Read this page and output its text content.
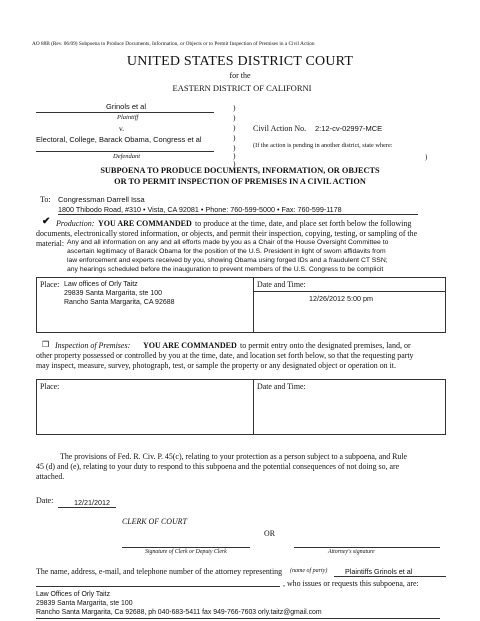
AO 88B (Rev. 06/09) Subpoena to Produce Documents, Information, or Objects or to Permit Inspection of Premises in a Civil Action
UNITED STATES DISTRICT COURT
for the
EASTERN DISTRICT OF CALIFORNI
Grinols et al
Plaintiff
v.
Electoral, College, Barack Obama, Congress et al
Defendant
)
)
)
)
)
)
)
Civil Action No. 2:12-cv-02997-MCE
(If the action is pending in another district, state where:
)
SUBPOENA TO PRODUCE DOCUMENTS, INFORMATION, OR OBJECTS
OR TO PERMIT INSPECTION OF PREMISES IN A CIVIL ACTION
To: Congressman Darrell Issa
1800 Thibodo Road, #310 • Vista, CA 92081 • Phone: 760-599-5000 • Fax: 760-599-1178
✔ Production: YOU ARE COMMANDED to produce at the time, date, and place set forth below the following
documents, electronically stored information, or objects, and permit their inspection, copying, testing, or sampling of the
material: Any and all information on any and all efforts made by you as a Chair of the House Oversight Committee to
ascertain legitimacy of Barack Obama for the position of the U.S. President in light of sworn affidavits from
law enforcement and experts received by you, showing Obama using forged IDs and a fraudulent CT SSN;
any hearings scheduled before the inauguration to prevent members of the U.S. Congress to be complicit
Place: Law offices of Orly Taitz
29839 Santa Margarita, ste 100
Rancho Santa Margarita, CA 92688
Date and Time:
12/26/2012 5:00 pm
❒ Inspection of Premises: YOU ARE COMMANDED to permit entry onto the designated premises, land, or
other property possessed or controlled by you at the time, date, and location set forth below, so that the requesting party
may inspect, measure, survey, photograph, test, or sample the property or any designated object or operation on it.
Place:	Date and Time:
The provisions of Fed. R. Civ. P. 45(c), relating to your protection as a person subject to a subpoena, and Rule
45 (d) and (e), relating to your duty to respond to this subpoena and the potential consequences of not doing so, are
attached.
Date:	12/21/2012
CLERK OF COURT
OR
Signature of Clerk or Deputy Clerk	Attorney's signature
The name, address, e-mail, and telephone number of the attorney representing (name of party) Plaintiffs Grinols et al
, who issues or requests this subpoena, are:
Law Offices of Orly Taitz
29839 Santa Margarita, ste 100
Rancho Santa Margarita, Ca 92688, ph 040-683-5411 fax 949-766-7603 orly.taitz@gmail.com
